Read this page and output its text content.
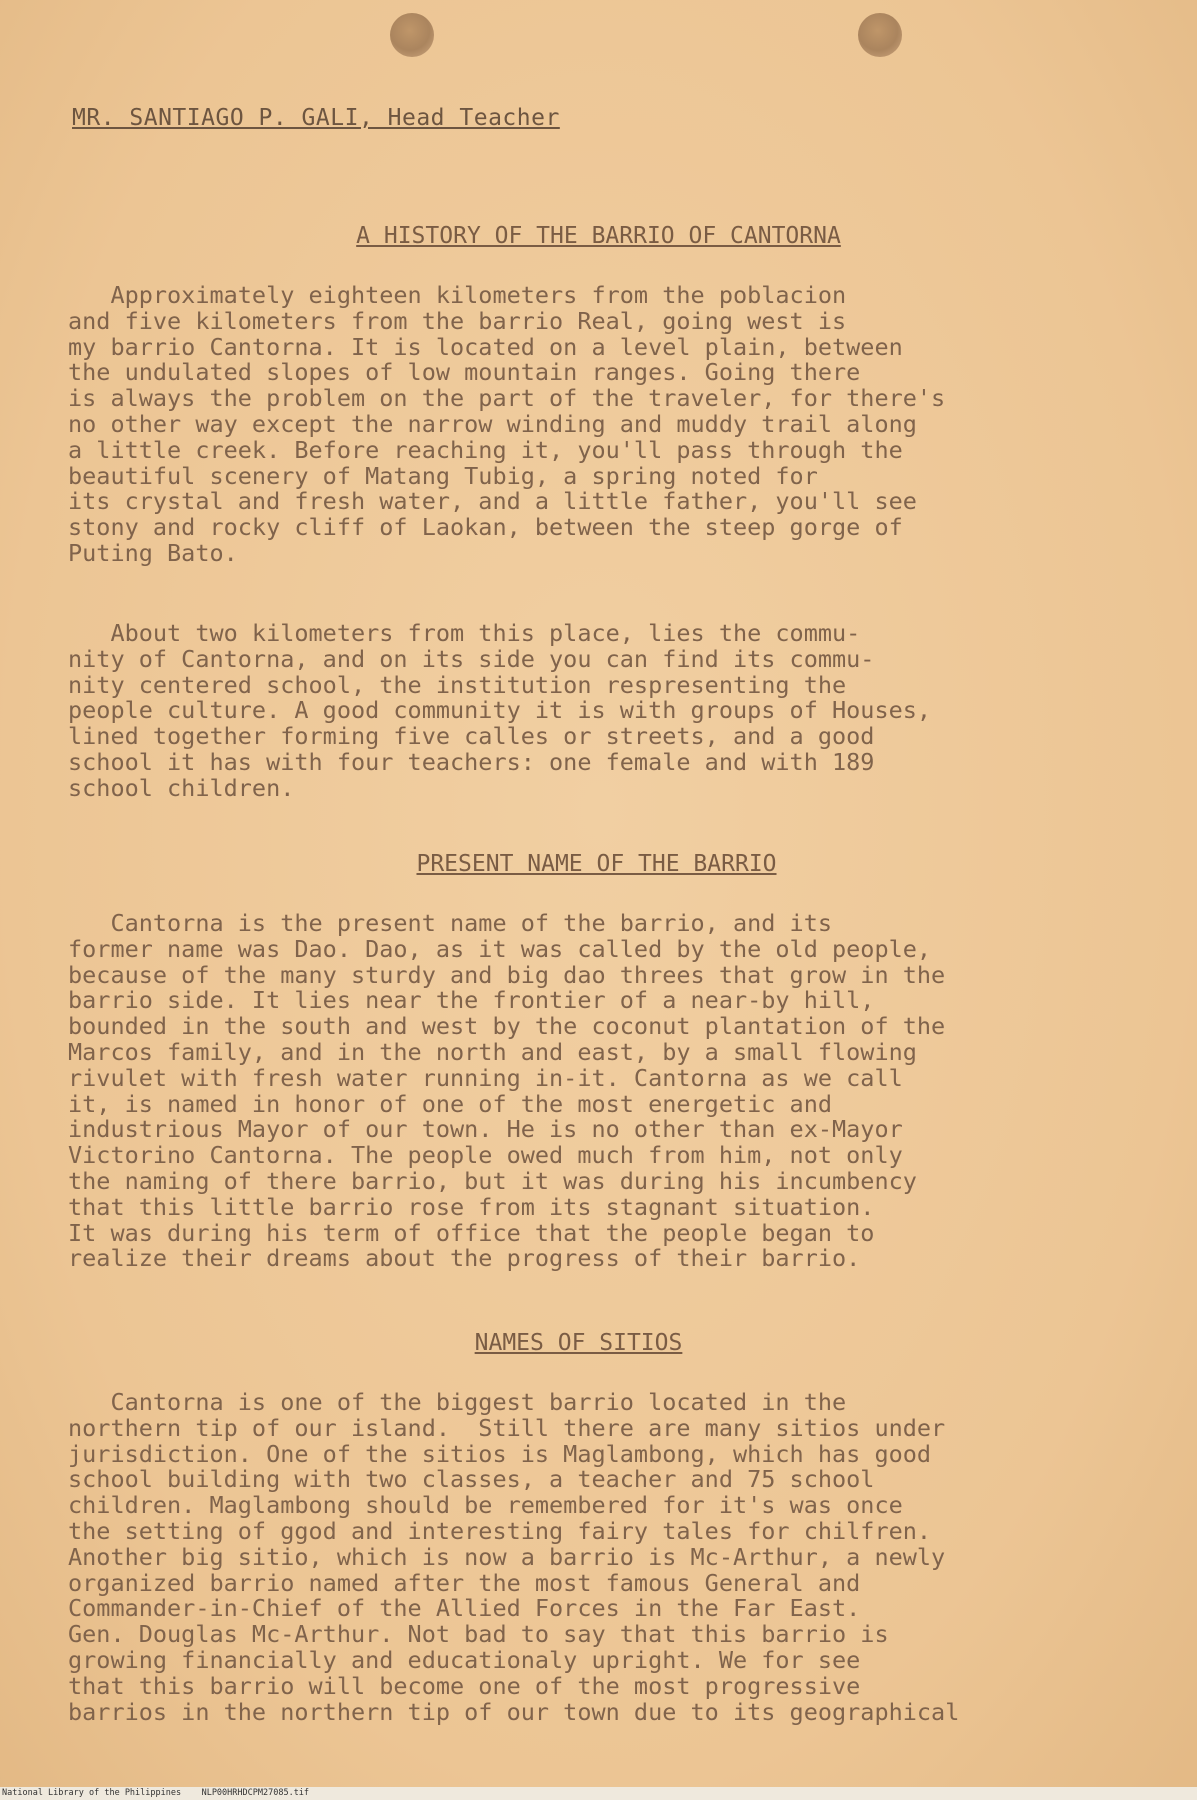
MR. SANTIAGO P. GALI, Head Teacher
A HISTORY OF THE BARRIO OF CANTORNA

Approximately eighteen kilometers from the poblacion
and five kilometers from the barrio Real, going west is
my barrio Cantorna. It is located on a level plain, between
the undulated slopes of low mountain ranges. Going there
is always the problem on the part of the traveler, for there's
no other way except the narrow winding and muddy trail along
a little creek. Before reaching it, you'll pass through the
beautiful scenery of Matang Tubig, a spring noted for
its crystal and fresh water, and a little father, you'll see
stony and rocky cliff of Laokan, between the steep gorge of
Puting Bato.

About two kilometers from this place, lies the commu-
nity of Cantorna, and on its side you can find its commu-
nity centered school, the institution respresenting the
people culture. A good community it is with groups of Houses,
lined together forming five calles or streets, and a good
school it has with four teachers: one female and with 189
school children.

PRESENT NAME OF THE BARRIO

Cantorna is the present name of the barrio, and its
former name was Dao. Dao, as it was called by the old people,
because of the many sturdy and big dao threes that grow in the
barrio side. It lies near the frontier of a near-by hill,
bounded in the south and west by the coconut plantation of the
Marcos family, and in the north and east, by a small flowing
rivulet with fresh water running in-it. Cantorna as we call
it, is named in honor of one of the most energetic and
industrious Mayor of our town. He is no other than ex-Mayor
Victorino Cantorna. The people owed much from him, not only
the naming of there barrio, but it was during his incumbency
that this little barrio rose from its stagnant situation.
It was during his term of office that the people began to
realize their dreams about the progress of their barrio.

NAMES OF SITIOS

Cantorna is one of the biggest barrio located in the
northern tip of our island.  Still there are many sitios under
jurisdiction. One of the sitios is Maglambong, which has good
school building with two classes, a teacher and 75 school
children. Maglambong should be remembered for it's was once
the setting of ggod and interesting fairy tales for chilfren.
Another big sitio, which is now a barrio is Mc-Arthur, a newly
organized barrio named after the most famous General and
Commander-in-Chief of the Allied Forces in the Far East.
Gen. Douglas Mc-Arthur. Not bad to say that this barrio is
growing financially and educationaly upright. We for see
that this barrio will become one of the most progressive
barrios in the northern tip of our town due to its geographical

National Library of the Philippines    NLP00HRHDCPM27085.tif
